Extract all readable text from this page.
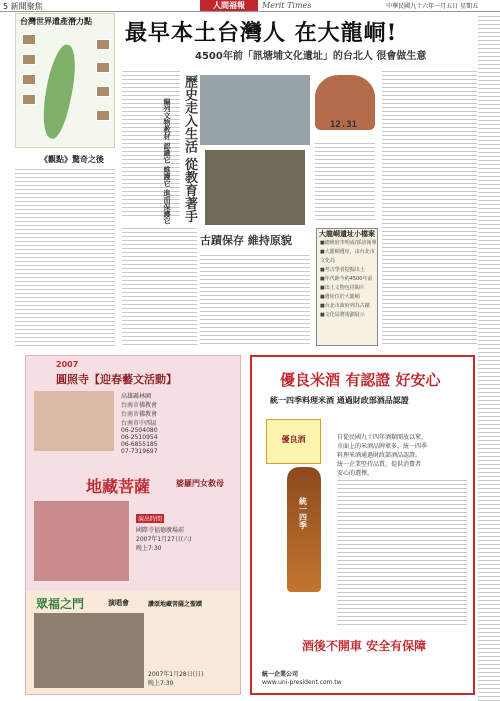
5 新聞聚焦	人間福報	Merit Times	中華民國九十六年一月五日 星期五
台灣世界遺產潛力點 最早本土台灣人 在大龍峒!
4500年前「訊塘埔文化遺址」的台北人 很會做生意
《觀點》驚奇之後	歷史走入生活 從教育著手
編列文物教材 認識它 維護它 進而保護它
古蹟保存 維持原貌
12.31
大龍峒遺址小檔案
■總統府李明成/採訪報導
■大龍峒遺址，由台北市文化局
■考古學者挖掘出土
■年代距今約4500年前
■出土文物包括陶片
■遺址位於大龍峒
■台北市政府列為古蹟
■文化局將規劃展示
2007
圓照寺【迎春藝文活動】
高雄縣林園
台南市佛教會
台南市佛教會
台南市中西區
06-2504080
06-2510954
06-6855185
07-7319697
地藏菩薩	婆羅門女救母
演出時間
國際寺福德廣場前
2007年1月27日(六)
晚上7:30
眾福之門	演唱會	讚頌地藏菩薩之聖蹟
2007年1月28日(日)
晚上7:30
優良米酒 有認證 好安心
統一四季料理米酒 通過財政部酒品認證
優良酒
統一四季
自從民國九十四年酒類開放以來，
市面上的米酒品牌眾多，統一四季
料理米酒通過財政部酒品認證。
統一企業堅持品質，提供消費者
安心的選擇。
酒後不開車 安全有保障
統一企業公司
www.uni-president.com.tw
